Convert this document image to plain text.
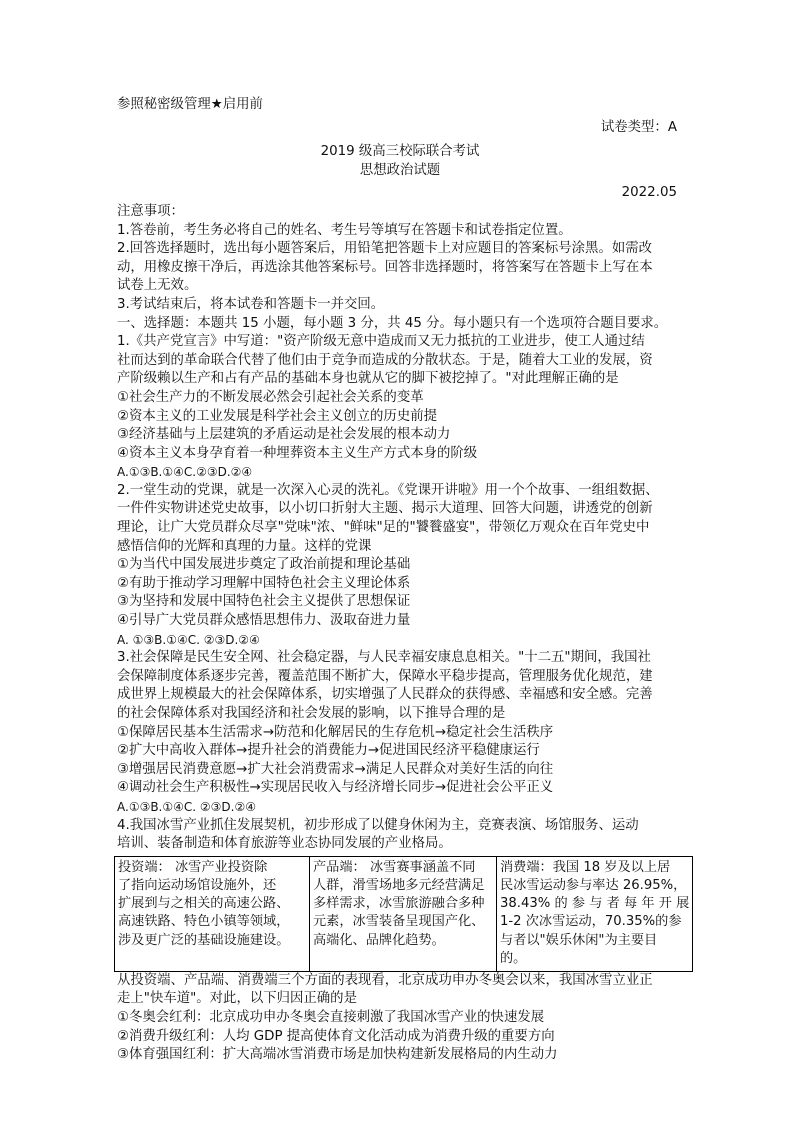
参照秘密级管理★启用前
试卷类型：A
2019 级高三校际联合考试
思想政治试题
2022.05
注意事项：
1.答卷前，考生务必将自己的姓名、考生号等填写在答题卡和试卷指定位置。
2.回答选择题时，选出每小题答案后，用铅笔把答题卡上对应题目的答案标号涂黑。如需改
动，用橡皮擦干净后，再选涂其他答案标号。回答非选择题时，将答案写在答题卡上写在本
试卷上无效。
3.考试结束后，将本试卷和答题卡一并交回。
一、选择题：本题共 15 小题，每小题 3 分，共 45 分。每小题只有一个选项符合题目要求。
1.《共产党宣言》中写道："资产阶级无意中造成而又无力抵抗的工业进步，使工人通过结
社而达到的革命联合代替了他们由于竞争而造成的分散状态。于是，随着大工业的发展，资
产阶级赖以生产和占有产品的基础本身也就从它的脚下被挖掉了。"对此理解正确的是
①社会生产力的不断发展必然会引起社会关系的变革
②资本主义的工业发展是科学社会主义创立的历史前提
③经济基础与上层建筑的矛盾运动是社会发展的根本动力
④资本主义本身孕育着一种埋葬资本主义生产方式本身的阶级
A.①③B.①④C.②③D.②④
2.一堂生动的党课，就是一次深入心灵的洗礼。《党课开讲啦》用一个个故事、一组组数据、
一件件实物讲述党史故事，以小切口折射大主题、揭示大道理、回答大问题，讲透党的创新
理论，让广大党员群众尽享"党味"浓、"鲜味"足的"饕餮盛宴"，带领亿万观众在百年党史中
感悟信仰的光辉和真理的力量。这样的党课
①为当代中国发展进步奠定了政治前提和理论基础
②有助于推动学习理解中国特色社会主义理论体系
③为坚持和发展中国特色社会主义提供了思想保证
④引导广大党员群众感悟思想伟力、汲取奋进力量
A. ①③B.①④C. ②③D.②④
3.社会保障是民生安全网、社会稳定器，与人民幸福安康息息相关。"十二五"期间，我国社
会保障制度体系逐步完善，覆盖范围不断扩大，保障水平稳步提高，管理服务优化规范，建
成世界上规模最大的社会保障体系，切实增强了人民群众的获得感、幸福感和安全感。完善
的社会保障体系对我国经济和社会发展的影响，以下推导合理的是
①保障居民基本生活需求→防范和化解居民的生存危机→稳定社会生活秩序
②扩大中高收入群体→提升社会的消费能力→促进国民经济平稳健康运行
③增强居民消费意愿→扩大社会消费需求→满足人民群众对美好生活的向往
④调动社会生产积极性→实现居民收入与经济增长同步→促进社会公平正义
A.①③B.①④C. ②③D.②④
4.我国冰雪产业抓住发展契机，初步形成了以健身休闲为主，竞赛表演、场馆服务、运动
培训、装备制造和体育旅游等业态协同发展的产业格局。
投资端： 冰雪产业投资除
了指向运动场馆设施外，还
扩展到与之相关的高速公路、
高速铁路、特色小镇等领域，
涉及更广泛的基础设施建设。

产品端： 冰雪赛事涵盖不同
人群，滑雪场地多元经营满足
多样需求，冰雪旅游融合多种
元素，冰雪装备呈现国产化、
高端化、品牌化趋势。

消费端：我国 18 岁及以上居
民冰雪运动参与率达 26.95%，
38.43% 的 参 与 者 每 年 开 展
1-2 次冰雪运动，70.35%的参
与者以"娱乐休闲"为主要目
的。
从投资端、产品端、消费端三个方面的表现看，北京成功申办冬奥会以来，我国冰雪立业正
走上"快车道"。对此，以下归因正确的是
①冬奥会红利：北京成功申办冬奥会直接刺激了我国冰雪产业的快速发展
②消费升级红利：人均 GDP 提高使体育文化活动成为消费升级的重要方向
③体育强国红利：扩大高端冰雪消费市场是加快构建新发展格局的内生动力
